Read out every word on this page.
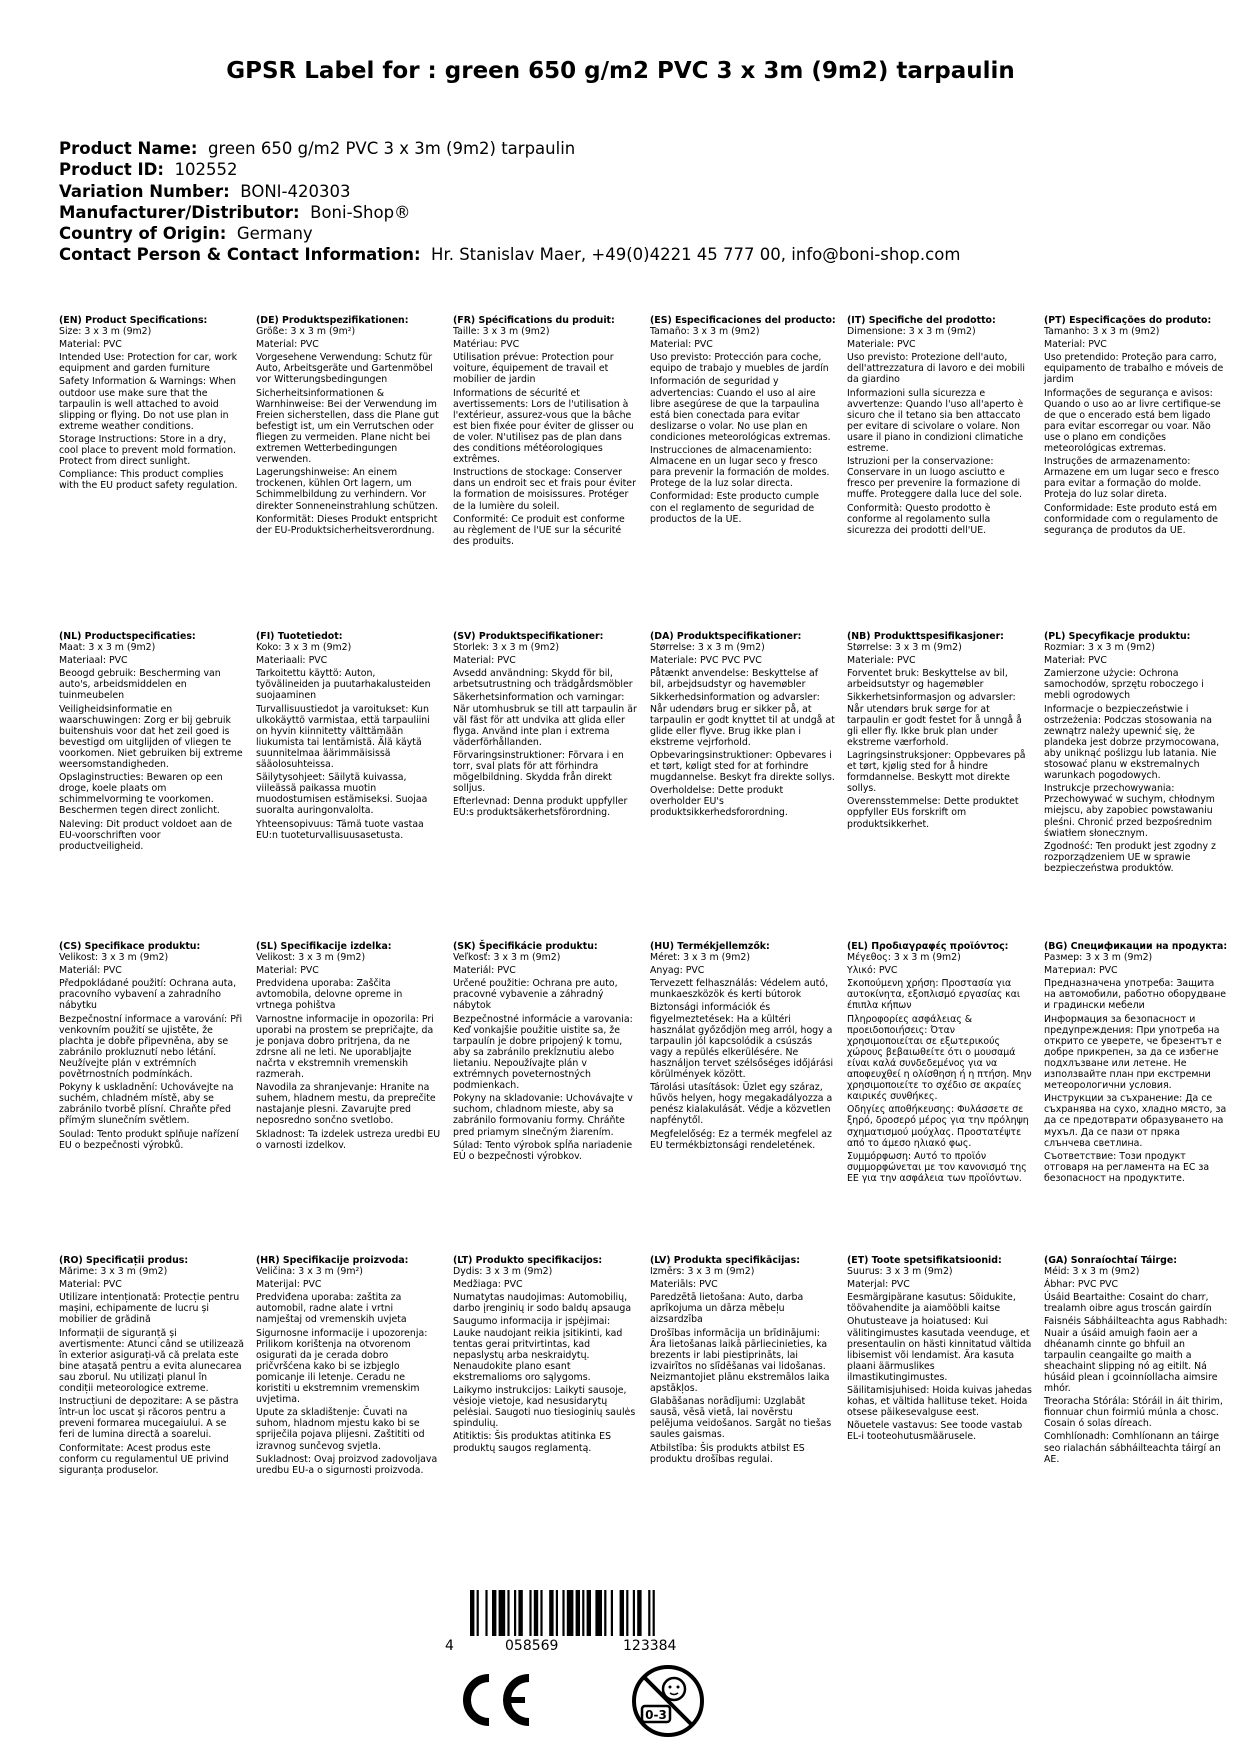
GPSR Label for : green 650 g/m2 PVC 3 x 3m (9m2) tarpaulin
Product Name: green 650 g/m2 PVC 3 x 3m (9m2) tarpaulin
Product ID: 102552
Variation Number: BONI-420303
Manufacturer/Distributor: Boni-Shop®
Country of Origin: Germany
Contact Person & Contact Information: Hr. Stanislav Maer, +49(0)4221 45 777 00, info@boni-shop.com
(EN) Product Specifications:
Size: 3 x 3 m (9m2)
Material: PVC
Intended Use: Protection for car, work equipment and garden furniture
Safety Information & Warnings: When outdoor use make sure that the tarpaulin is well attached to avoid slipping or flying. Do not use plan in extreme weather conditions.
Storage Instructions: Store in a dry, cool place to prevent mold formation. Protect from direct sunlight.
Compliance: This product complies with the EU product safety regulation.
(DE) Produktspezifikationen:
Größe: 3 x 3 m (9m²)
Material: PVC
Vorgesehene Verwendung: Schutz für Auto, Arbeitsgeräte und Gartenmöbel vor Witterungsbedingungen
Sicherheitsinformationen & Warnhinweise: Bei der Verwendung im Freien sicherstellen, dass die Plane gut befestigt ist, um ein Verrutschen oder fliegen zu vermeiden. Plane nicht bei extremen Wetterbedingungen verwenden.
Lagerungshinweise: An einem trockenen, kühlen Ort lagern, um Schimmelbildung zu verhindern. Vor direkter Sonneneinstrahlung schützen.
Konformität: Dieses Produkt entspricht der EU-Produktsicherheitsverordnung.
(FR) Spécifications du produit:
Taille: 3 x 3 m (9m2)
Matériau: PVC
Utilisation prévue: Protection pour voiture, équipement de travail et mobilier de jardin
Informations de sécurité et avertissements: Lors de l'utilisation à l'extérieur, assurez-vous que la bâche est bien fixée pour éviter de glisser ou de voler. N'utilisez pas de plan dans des conditions météorologiques extrêmes.
Instructions de stockage: Conserver dans un endroit sec et frais pour éviter la formation de moisissures. Protéger de la lumière du soleil.
Conformité: Ce produit est conforme au règlement de l'UE sur la sécurité des produits.
(ES) Especificaciones del producto:
Tamaño: 3 x 3 m (9m2)
Material: PVC
Uso previsto: Protección para coche, equipo de trabajo y muebles de jardín
Información de seguridad y advertencias: Cuando el uso al aire libre asegúrese de que la tarpaulina está bien conectada para evitar deslizarse o volar. No use plan en condiciones meteorológicas extremas.
Instrucciones de almacenamiento: Almacene en un lugar seco y fresco para prevenir la formación de moldes. Protege de la luz solar directa.
Conformidad: Este producto cumple con el reglamento de seguridad de productos de la UE.
(IT) Specifiche del prodotto:
Dimensione: 3 x 3 m (9m2)
Materiale: PVC
Uso previsto: Protezione dell'auto, dell'attrezzatura di lavoro e dei mobili da giardino
Informazioni sulla sicurezza e avvertenze: Quando l'uso all'aperto è sicuro che il tetano sia ben attaccato per evitare di scivolare o volare. Non usare il piano in condizioni climatiche estreme.
Istruzioni per la conservazione: Conservare in un luogo asciutto e fresco per prevenire la formazione di muffe. Proteggere dalla luce del sole.
Conformità: Questo prodotto è conforme al regolamento sulla sicurezza dei prodotti dell'UE.
(PT) Especificações do produto:
Tamanho: 3 x 3 m (9m2)
Material: PVC
Uso pretendido: Proteção para carro, equipamento de trabalho e móveis de jardim
Informações de segurança e avisos: Quando o uso ao ar livre certifique-se de que o encerado está bem ligado para evitar escorregar ou voar. Não use o plano em condições meteorológicas extremas.
Instruções de armazenamento: Armazene em um lugar seco e fresco para evitar a formação do molde. Proteja do luz solar direta.
Conformidade: Este produto está em conformidade com o regulamento de segurança de produtos da UE.
(NL) Productspecificaties:
Maat: 3 x 3 m (9m2)
Materiaal: PVC
Beoogd gebruik: Bescherming van auto's, arbeidsmiddelen en tuinmeubelen
Veiligheidsinformatie en waarschuwingen: Zorg er bij gebruik buitenshuis voor dat het zeil goed is bevestigd om uitglijden of vliegen te voorkomen. Niet gebruiken bij extreme weersomstandigheden.
Opslaginstructies: Bewaren op een droge, koele plaats om schimmelvorming te voorkomen. Beschermen tegen direct zonlicht.
Naleving: Dit product voldoet aan de EU-voorschriften voor productveiligheid.
(FI) Tuotetiedot:
Koko: 3 x 3 m (9m2)
Materiaali: PVC
Tarkoitettu käyttö: Auton, työvälineiden ja puutarhakalusteiden suojaaminen
Turvallisuustiedot ja varoitukset: Kun ulkokäyttö varmistaa, että tarpauliini on hyvin kiinnitetty välttämään liukumista tai lentämistä. Älä käytä suunnitelmaa äärimmäisissä sääolosuhteissa.
Säilytysohjeet: Säilytä kuivassa, viileässä paikassa muotin muodostumisen estämiseksi. Suojaa suoralta auringonvalolta.
Yhteensopivuus: Tämä tuote vastaa EU:n tuoteturvallisuusasetusta.
(SV) Produktspecifikationer:
Storlek: 3 x 3 m (9m2)
Material: PVC
Avsedd användning: Skydd för bil, arbetsutrustning och trädgårdsmöbler
Säkerhetsinformation och varningar: När utomhusbruk se till att tarpaulin är väl fäst för att undvika att glida eller flyga. Använd inte plan i extrema väderförhållanden.
Förvaringsinstruktioner: Förvara i en torr, sval plats för att förhindra mögelbildning. Skydda från direkt solljus.
Efterlevnad: Denna produkt uppfyller EU:s produktsäkerhetsförordning.
(DA) Produktspecifikationer:
Størrelse: 3 x 3 m (9m2)
Materiale: PVC PVC PVC
Påtænkt anvendelse: Beskyttelse af bil, arbejdsudstyr og havemøbler
Sikkerhedsinformation og advarsler: Når udendørs brug er sikker på, at tarpaulin er godt knyttet til at undgå at glide eller flyve. Brug ikke plan i ekstreme vejrforhold.
Opbevaringsinstruktioner: Opbevares i et tørt, køligt sted for at forhindre mugdannelse. Beskyt fra direkte sollys.
Overholdelse: Dette produkt overholder EU's produktsikkerhedsforordning.
(NB) Produkttspesifikasjoner:
Størrelse: 3 x 3 m (9m2)
Materiale: PVC
Forventet bruk: Beskyttelse av bil, arbeidsutstyr og hagemøbler
Sikkerhetsinformasjon og advarsler: Når utendørs bruk sørge for at tarpaulin er godt festet for å unngå å gli eller fly. Ikke bruk plan under ekstreme værforhold.
Lagringsinstruksjoner: Oppbevares på et tørt, kjølig sted for å hindre formdannelse. Beskytt mot direkte sollys.
Overensstemmelse: Dette produktet oppfyller EUs forskrift om produktsikkerhet.
(PL) Specyfikacje produktu:
Rozmiar: 3 x 3 m (9m2)
Materiał: PVC
Zamierzone użycie: Ochrona samochodów, sprzętu roboczego i mebli ogrodowych
Informacje o bezpieczeństwie i ostrzeżenia: Podczas stosowania na zewnątrz należy upewnić się, że plandeka jest dobrze przymocowana, aby uniknąć poślizgu lub latania. Nie stosować planu w ekstremalnych warunkach pogodowych.
Instrukcje przechowywania: Przechowywać w suchym, chłodnym miejscu, aby zapobiec powstawaniu pleśni. Chronić przed bezpośrednim światłem słonecznym.
Zgodność: Ten produkt jest zgodny z rozporządzeniem UE w sprawie bezpieczeństwa produktów.
(CS) Specifikace produktu:
Velikost: 3 x 3 m (9m2)
Materiál: PVC
Předpokládané použití: Ochrana auta, pracovního vybavení a zahradního nábytku
Bezpečnostní informace a varování: Při venkovním použití se ujistěte, že plachta je dobře připevněna, aby se zabránilo prokluznutí nebo létání. Neužívejte plán v extrémních povětrnostních podmínkách.
Pokyny k uskladnění: Uchovávejte na suchém, chladném místě, aby se zabránilo tvorbě plísní. Chraňte před přímým slunečním světlem.
Soulad: Tento produkt splňuje nařízení EU o bezpečnosti výrobků.
(SL) Specifikacije izdelka:
Velikost: 3 x 3 m (9m2)
Material: PVC
Predvidena uporaba: Zaščita avtomobila, delovne opreme in vrtnega pohištva
Varnostne informacije in opozorila: Pri uporabi na prostem se prepričajte, da je ponjava dobro pritrjena, da ne zdrsne ali ne leti. Ne uporabljajte načrta v ekstremnih vremenskih razmerah.
Navodila za shranjevanje: Hranite na suhem, hladnem mestu, da preprečite nastajanje plesni. Zavarujte pred neposredno sončno svetlobo.
Skladnost: Ta izdelek ustreza uredbi EU o varnosti izdelkov.
(SK) Špecifikácie produktu:
Veľkosť: 3 x 3 m (9m2)
Materiál: PVC
Určené použitie: Ochrana pre auto, pracovné vybavenie a záhradný nábytok
Bezpečnostné informácie a varovania: Keď vonkajšie použitie uistite sa, že tarpaulín je dobre pripojený k tomu, aby sa zabránilo prekĺznutiu alebo lietaniu. Nepoužívajte plán v extrémnych poveternostných podmienkach.
Pokyny na skladovanie: Uchovávajte v suchom, chladnom mieste, aby sa zabránilo formovaniu formy. Chráňte pred priamym slnečným žiarením.
Súlad: Tento výrobok spĺňa nariadenie EÚ o bezpečnosti výrobkov.
(HU) Termékjellemzők:
Méret: 3 x 3 m (9m2)
Anyag: PVC
Tervezett felhasználás: Védelem autó, munkaeszközök és kerti bútorok
Biztonsági információk és figyelmeztetések: Ha a kültéri használat győződjön meg arról, hogy a tarpaulin jól kapcsolódik a csúszás vagy a repülés elkerülésére. Ne használjon tervet szélsőséges időjárási körülmények között.
Tárolási utasítások: Üzlet egy száraz, hűvös helyen, hogy megakadályozza a penész kialakulását. Védje a közvetlen napfénytől.
Megfelelőség: Ez a termék megfelel az EU termékbiztonsági rendeletének.
(EL) Προδιαγραφές προϊόντος:
Μέγεθος: 3 x 3 m (9m2)
Υλικό: PVC
Σκοπούμενη χρήση: Προστασία για αυτοκίνητα, εξοπλισμό εργασίας και έπιπλα κήπων
Πληροφορίες ασφάλειας & προειδοποιήσεις: Όταν χρησιμοποιείται σε εξωτερικούς χώρους βεβαιωθείτε ότι ο μουσαμά είναι καλά συνδεδεμένος για να αποφευχθεί η ολίσθηση ή η πτήση. Μην χρησιμοποιείτε το σχέδιο σε ακραίες καιρικές συνθήκες.
Οδηγίες αποθήκευσης: Φυλάσσετε σε ξηρό, δροσερό μέρος για την πρόληψη σχηματισμού μούχλας. Προστατέψτε από το άμεσο ηλιακό φως.
Συμμόρφωση: Αυτό το προϊόν συμμορφώνεται με τον κανονισμό της ΕΕ για την ασφάλεια των προϊόντων.
(BG) Спецификации на продукта:
Размер: 3 x 3 m (9m2)
Материал: PVC
Предназначена употреба: Защита на автомобили, работно оборудване и градински мебели
Информация за безопасност и предупреждения: При употреба на открито се уверете, че брезентът е добре прикрепен, за да се избегне подхлъзване или летене. Не използвайте план при екстремни метеорологични условия.
Инструкции за съхранение: Да се съхранява на сухо, хладно място, за да се предотврати образуването на мухъл. Да се пази от пряка слънчева светлина.
Съответствие: Този продукт отговаря на регламента на ЕС за безопасност на продуктите.
(RO) Specificații produs:
Mărime: 3 x 3 m (9m2)
Material: PVC
Utilizare intenționată: Protecție pentru mașini, echipamente de lucru și mobilier de grădină
Informații de siguranță și avertismente: Atunci când se utilizează în exterior asigurați-vă că prelata este bine atașată pentru a evita alunecarea sau zborul. Nu utilizați planul în condiții meteorologice extreme.
Instrucțiuni de depozitare: A se păstra într-un loc uscat și răcoros pentru a preveni formarea mucegaiului. A se feri de lumina directă a soarelui.
Conformitate: Acest produs este conform cu regulamentul UE privind siguranța produselor.
(HR) Specifikacije proizvoda:
Veličina: 3 x 3 m (9m²)
Materijal: PVC
Predviđena uporaba: zaštita za automobil, radne alate i vrtni namještaj od vremenskih uvjeta
Sigurnosne informacije i upozorenja: Prilikom korištenja na otvorenom osigurati da je cerada dobro pričvršćena kako bi se izbjeglo pomicanje ili letenje. Ceradu ne koristiti u ekstremnim vremenskim uvjetima.
Upute za skladištenje: Čuvati na suhom, hladnom mjestu kako bi se spriječila pojava plijesni. Zaštititi od izravnog sunčevog svjetla.
Sukladnost: Ovaj proizvod zadovoljava uredbu EU-a o sigurnosti proizvoda.
(LT) Produkto specifikacijos:
Dydis: 3 x 3 m (9m2)
Medžiaga: PVC
Numatytas naudojimas: Automobilių, darbo įrenginių ir sodo baldų apsauga
Saugumo informacija ir įspėjimai: Lauke naudojant reikia įsitikinti, kad tentas gerai pritvirtintas, kad nepaslystų arba neskraidytų. Nenaudokite plano esant ekstremalioms oro sąlygoms.
Laikymo instrukcijos: Laikyti sausoje, vėsioje vietoje, kad nesusidarytų pelėsiai. Saugoti nuo tiesioginių saulės spindulių.
Atitiktis: Šis produktas atitinka ES produktų saugos reglamentą.
(LV) Produkta specifikācijas:
Izmērs: 3 x 3 m (9m2)
Materiāls: PVC
Paredzētā lietošana: Auto, darba aprīkojuma un dārza mēbeļu aizsardzība
Drošības informācija un brīdinājumi: Āra lietošanas laikā pārliecinieties, ka brezents ir labi piestiprināts, lai izvairītos no slīdēšanas vai lidošanas. Neizmantojiet plānu ekstremālos laika apstākļos.
Glabāšanas norādījumi: Uzglabāt sausā, vēsā vietā, lai novērstu pelējuma veidošanos. Sargāt no tiešas saules gaismas.
Atbilstība: Šis produkts atbilst ES produktu drošības regulai.
(ET) Toote spetsifikatsioonid:
Suurus: 3 x 3 m (9m2)
Materjal: PVC
Eesmärgipärane kasutus: Sõidukite, töövahendite ja aiamööbli kaitse
Ohutusteave ja hoiatused: Kui välitingimustes kasutada veenduge, et presentaulin on hästi kinnitatud vältida libisemist või lendamist. Ära kasuta plaani äärmuslikes ilmastikutingimustes.
Säilitamisjuhised: Hoida kuivas jahedas kohas, et vältida hallituse teket. Hoida otsese päikesevalguse eest.
Nõuetele vastavus: See toode vastab EL-i tooteohutusmäärusele.
(GA) Sonraíochtaí Táirge:
Méid: 3 x 3 m (9m2)
Ábhar: PVC PVC
Úsáid Beartaithe: Cosaint do charr, trealamh oibre agus troscán gairdín
Faisnéis Sábháilteachta agus Rabhadh: Nuair a úsáid amuigh faoin aer a dhéanamh cinnte go bhfuil an tarpaulin ceangailte go maith a sheachaint slipping nó ag eitilt. Ná húsáid plean i gcoinníollacha aimsire mhór.
Treoracha Stórála: Stóráil in áit thirim, fionnuar chun foirmiú múnla a chosc. Cosain ó solas díreach.
Comhlíonadh: Comhlíonann an táirge seo rialachán sábháilteachta táirgí an AE.
4	058569	123384
0-3
